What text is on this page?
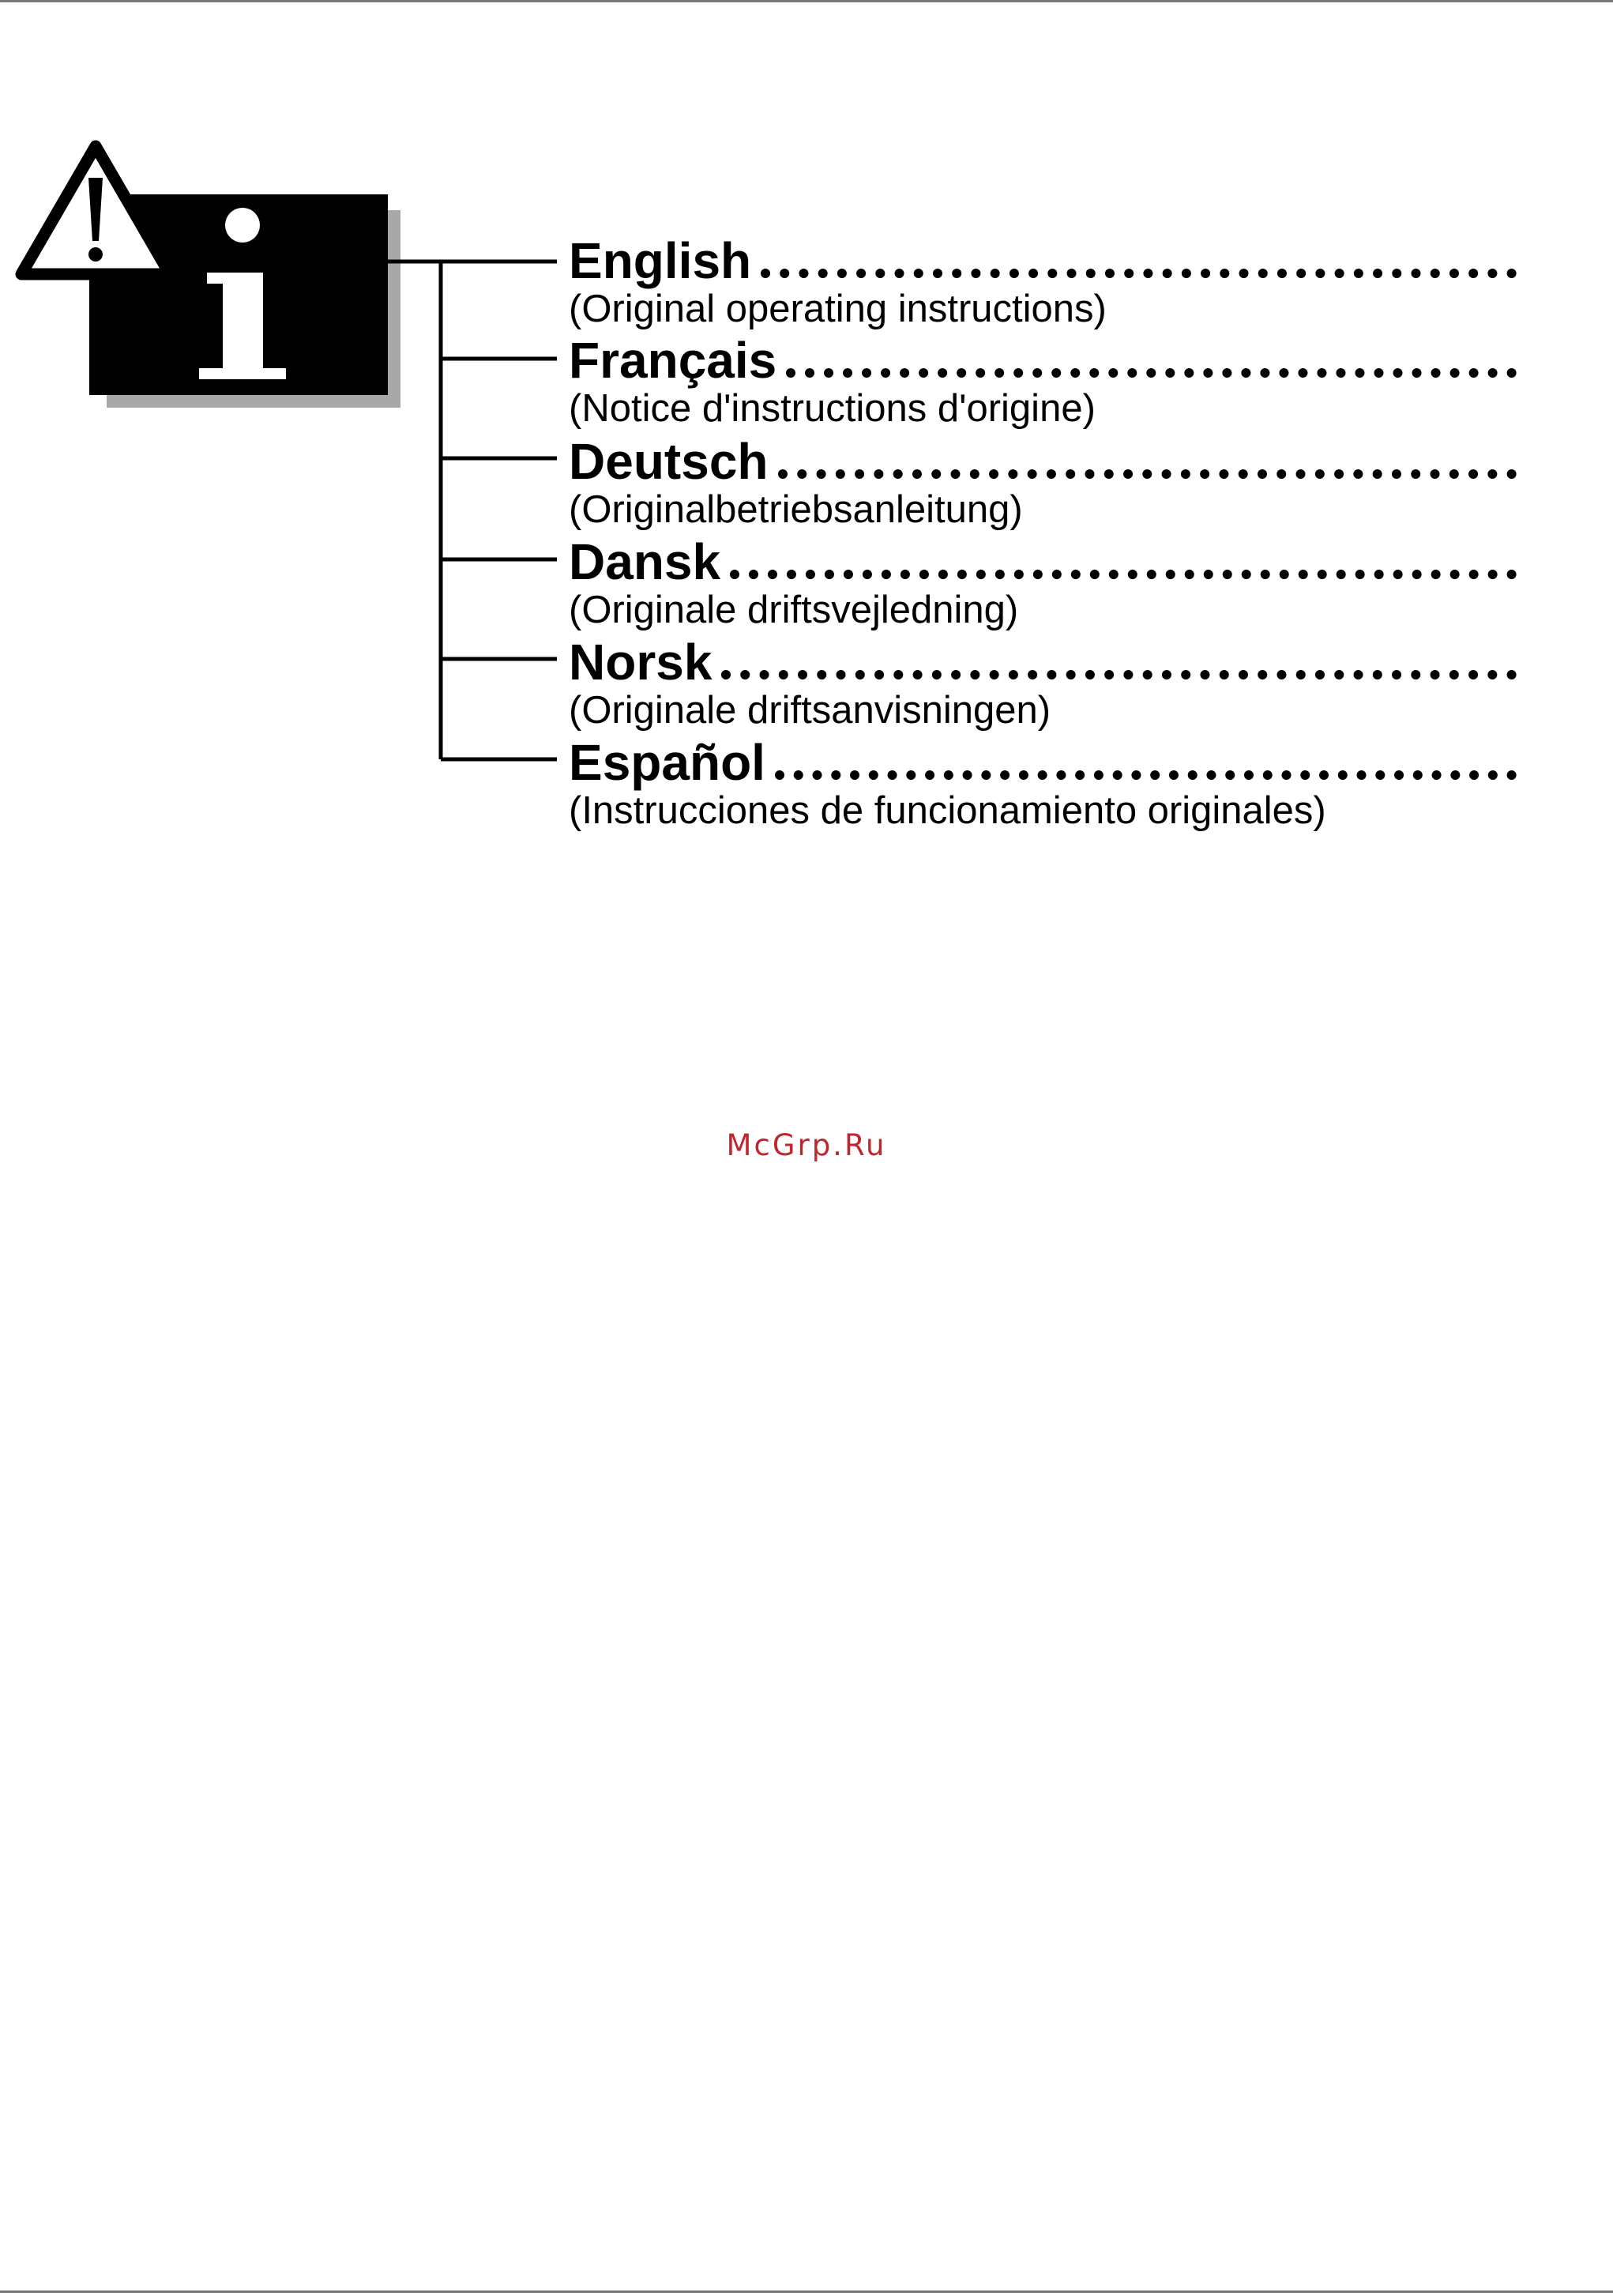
English
(Original operating instructions)
Français
(Notice d'instructions d'origine)
Deutsch
(Originalbetriebsanleitung)
Dansk
(Originale driftsvejledning)
Norsk
(Originale driftsanvisningen)
Español
(Instrucciones de funcionamiento originales)
McGrp.Ru
